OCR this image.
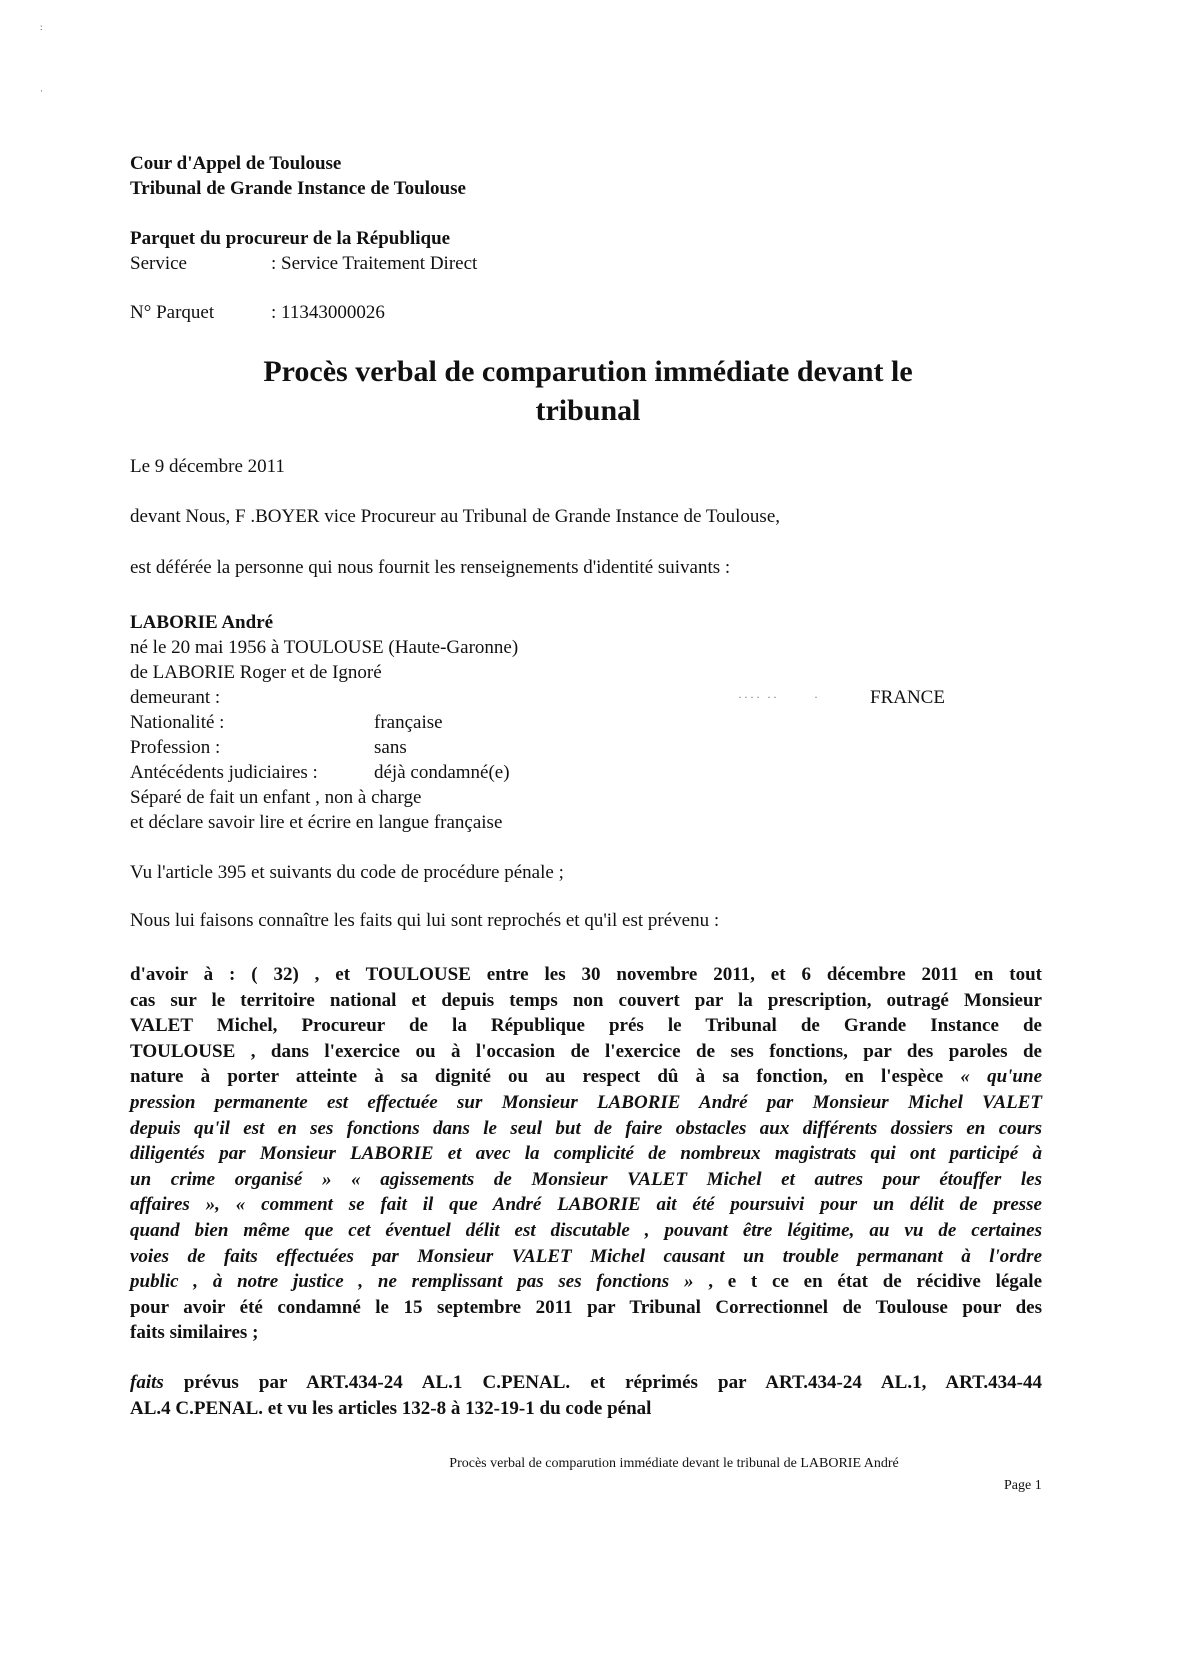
:
·
Cour d'Appel de Toulouse
Tribunal de Grande Instance de Toulouse
Parquet du procureur de la République
Service	: Service Traitement Direct
N° Parquet	: 11343000026
Procès verbal de comparution immédiate devant le
tribunal
Le 9 décembre 2011
devant Nous, F .BOYER vice Procureur au Tribunal de Grande Instance de Toulouse,
est déférée la personne qui nous fournit les renseignements d'identité suivants :
LABORIE André
né le 20 mai 1956 à TOULOUSE (Haute-Garonne)
de LABORIE Roger et de Ignoré
demeurant :	···· ··       ·	FRANCE
Nationalité :	française
Profession :	sans
Antécédents judiciaires :	déjà condamné(e)
Séparé de fait un enfant , non à charge
et déclare savoir lire et écrire en langue française
Vu l'article 395 et suivants du code de procédure pénale ;
Nous lui faisons connaître les faits qui lui sont reprochés et qu'il est prévenu :
d'avoir à : ( 32) , et TOULOUSE entre les 30 novembre 2011, et 6 décembre 2011 en tout
cas sur le territoire national et depuis temps non couvert par la prescription, outragé Monsieur
VALET Michel, Procureur de la République prés le Tribunal de Grande Instance de
TOULOUSE , dans l'exercice ou à l'occasion de l'exercice de ses fonctions, par des paroles de
nature à porter atteinte à sa dignité ou au respect dû à sa fonction, en l'espèce « qu'une
pression permanente est effectuée sur Monsieur LABORIE André par Monsieur Michel VALET
depuis qu'il est en ses fonctions dans le seul but de faire obstacles aux différents dossiers en cours
diligentés par Monsieur LABORIE et avec la complicité de nombreux magistrats qui ont participé à
un crime organisé » « agissements de Monsieur VALET Michel et autres pour étouffer les
affaires », « comment se fait il que André LABORIE ait été poursuivi pour un délit de presse
quand bien même que cet éventuel délit est discutable , pouvant être légitime, au vu de certaines
voies de faits effectuées par Monsieur VALET Michel causant un trouble permanant à l'ordre
public , à notre justice , ne remplissant pas ses fonctions » , e t ce en état de récidive légale
pour avoir été condamné le 15 septembre 2011 par Tribunal Correctionnel de Toulouse pour des
faits similaires ;
faits prévus par ART.434-24 AL.1 C.PENAL. et réprimés par ART.434-24 AL.1, ART.434-44
AL.4 C.PENAL. et vu les articles 132-8 à 132-19-1 du code pénal
Procès verbal de comparution immédiate devant le tribunal de LABORIE André
Page 1
